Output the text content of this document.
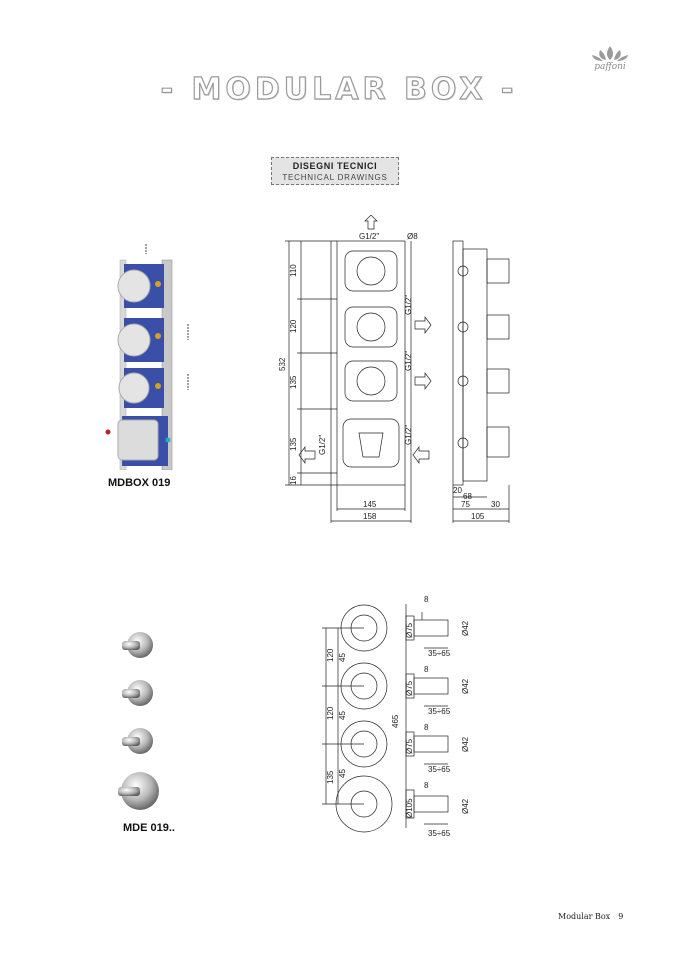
- MODULAR BOX -
paffoni
DISEGNI TECNICI
TECHNICAL DRAWINGS
MDBOX 019
G1/2"	Ø8
110
120
135
135
16
532
G1/2"
G1/2"
G1/2"
G1/2"
145
158
20
68
75	30
105
MDE 019..
120 45
120 45
135 45
465
8
8
8
8
35÷65
35÷65
35÷65
35÷65
Ø75
Ø75
Ø75
Ø105
Ø42
Ø42
Ø42
Ø42
Modular Box 9
